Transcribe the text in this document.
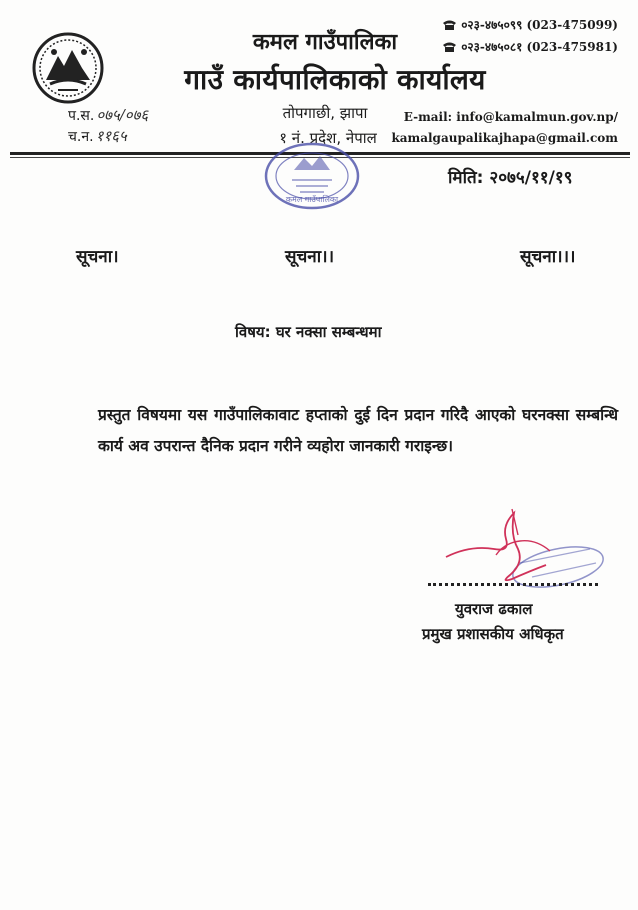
कमल गाउँपालिका
गाउँ कार्यपालिकाको कार्यालय
तोपगाछी, झापा
१ नं. प्रदेश, नेपाल
०२३-४७५०९९ (023-475099)
०२३-४७५०८१ (023-475981)
E-mail: info@kamalmun.gov.np/
kamalgaupalikajhapa@gmail.com
प.स. ०७५/०७६
च.न. ११६५
कमल गाउँपालिका
मिति: २०७५/११/१९
सूचना।	सूचना।।	सूचना।।।
विषय: घर नक्सा सम्बन्धमा
प्रस्तुत विषयमा यस गाउँपालिकावाट हप्ताको दुई दिन प्रदान गरिदै आएको घरनक्सा सम्बन्धि कार्य अव उपरान्त दैनिक प्रदान गरीने व्यहोरा जानकारी गराइन्छ।
युवराज ढकाल
प्रमुख प्रशासकीय अधिकृत
